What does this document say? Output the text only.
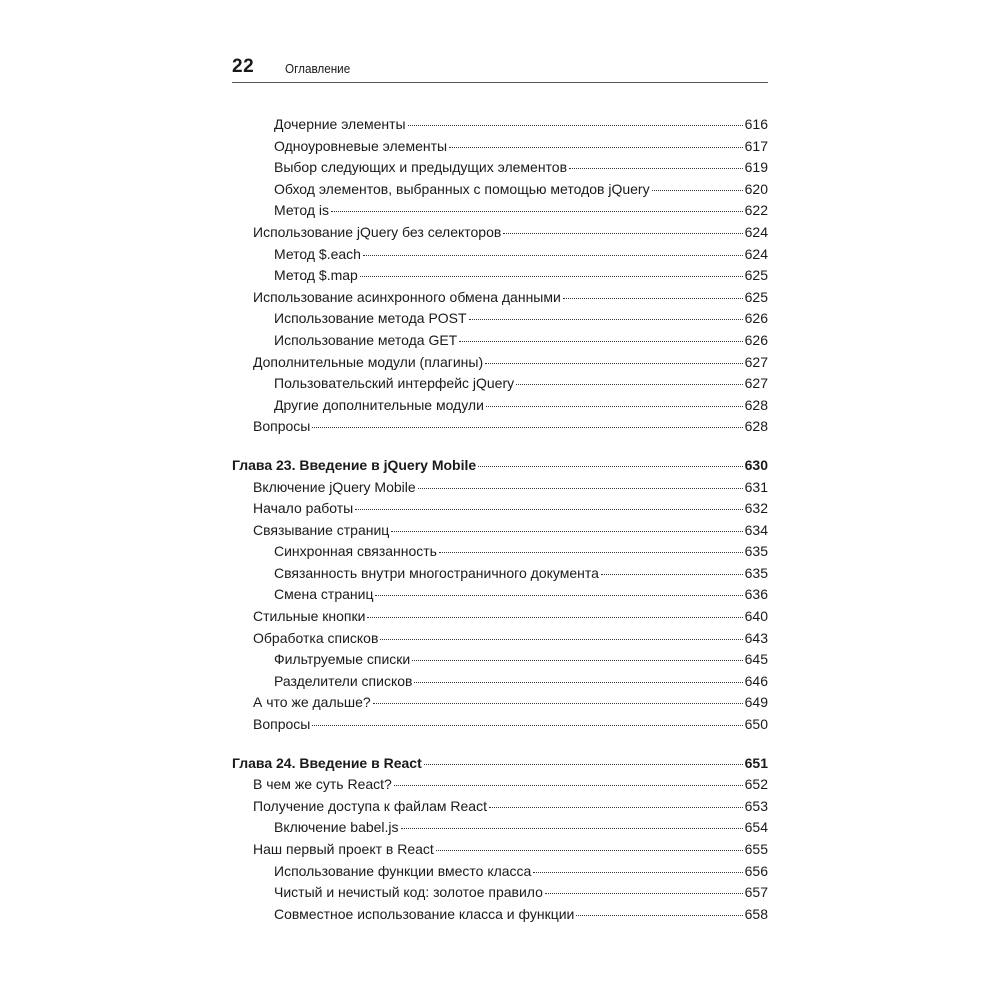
22 Оглавление
Дочерние элементы	616
Одноуровневые элементы	617
Выбор следующих и предыдущих элементов	619
Обход элементов, выбранных с помощью методов jQuery	620
Метод is	622
Использование jQuery без селекторов	624
Метод $.each	624
Метод $.map	625
Использование асинхронного обмена данными	625
Использование метода POST	626
Использование метода GET	626
Дополнительные модули (плагины)	627
Пользовательский интерфейс jQuery	627
Другие дополнительные модули	628
Вопросы	628
Глава 23. Введение в jQuery Mobile	630
Включение jQuery Mobile	631
Начало работы	632
Связывание страниц	634
Синхронная связанность	635
Связанность внутри многостраничного документа	635
Смена страниц	636
Стильные кнопки	640
Обработка списков	643
Фильтруемые списки	645
Разделители списков	646
А что же дальше?	649
Вопросы	650
Глава 24. Введение в React	651
В чем же суть React?	652
Получение доступа к файлам React	653
Включение babel.js	654
Наш первый проект в React	655
Использование функции вместо класса	656
Чистый и нечистый код: золотое правило	657
Совместное использование класса и функции	658
